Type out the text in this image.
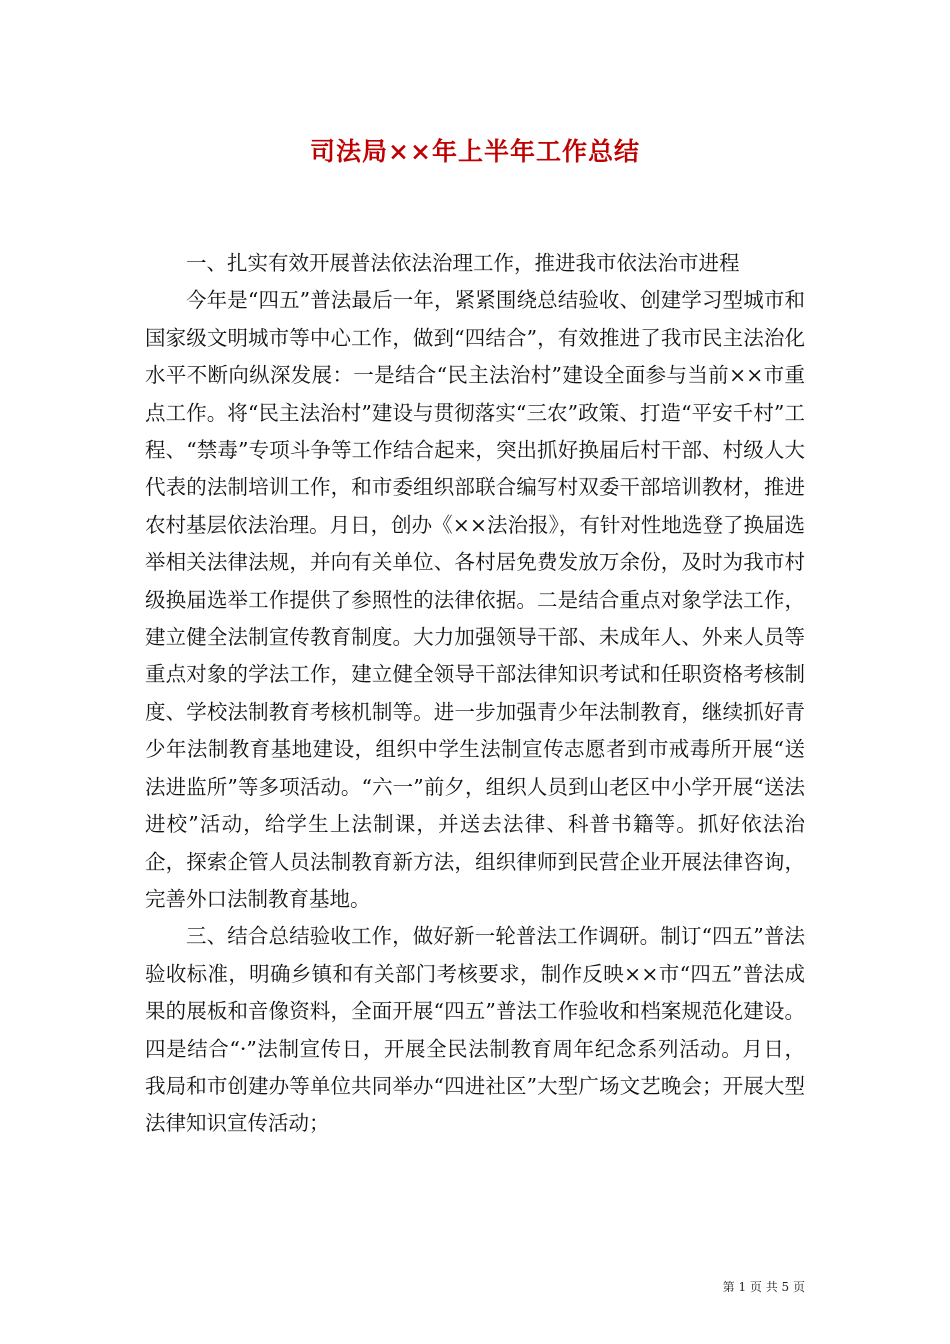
司法局××年上半年工作总结

一、扎实有效开展普法依法治理工作，推进我市依法治市进程

今年是“四五”普法最后一年，紧紧围绕总结验收、创建学习型城市和国家级文明城市等中心工作，做到“四结合”，有效推进了我市民主法治化水平不断向纵深发展：一是结合“民主法治村”建设全面参与当前××市重点工作。将“民主法治村”建设与贯彻落实“三农”政策、打造“平安千村”工程、“禁毒”专项斗争等工作结合起来，突出抓好换届后村干部、村级人大代表的法制培训工作，和市委组织部联合编写村双委干部培训教材，推进农村基层依法治理。月日，创办《××法治报》，有针对性地选登了换届选举相关法律法规，并向有关单位、各村居免费发放万余份，及时为我市村级换届选举工作提供了参照性的法律依据。二是结合重点对象学法工作，建立健全法制宣传教育制度。大力加强领导干部、未成年人、外来人员等重点对象的学法工作，建立健全领导干部法律知识考试和任职资格考核制度、学校法制教育考核机制等。进一步加强青少年法制教育，继续抓好青少年法制教育基地建设，组织中学生法制宣传志愿者到市戒毒所开展“送法进监所”等多项活动。“六一”前夕，组织人员到山老区中小学开展“送法进校”活动，给学生上法制课，并送去法律、科普书籍等。抓好依法治企，探索企管人员法制教育新方法，组织律师到民营企业开展法律咨询，完善外口法制教育基地。

三、结合总结验收工作，做好新一轮普法工作调研。制订“四五”普法验收标准，明确乡镇和有关部门考核要求，制作反映××市“四五”普法成果的展板和音像资料，全面开展“四五”普法工作验收和档案规范化建设。四是结合“·”法制宣传日，开展全民法制教育周年纪念系列活动。月日，我局和市创建办等单位共同举办“四进社区”大型广场文艺晚会；开展大型法律知识宣传活动；

第 1 页 共 5 页
